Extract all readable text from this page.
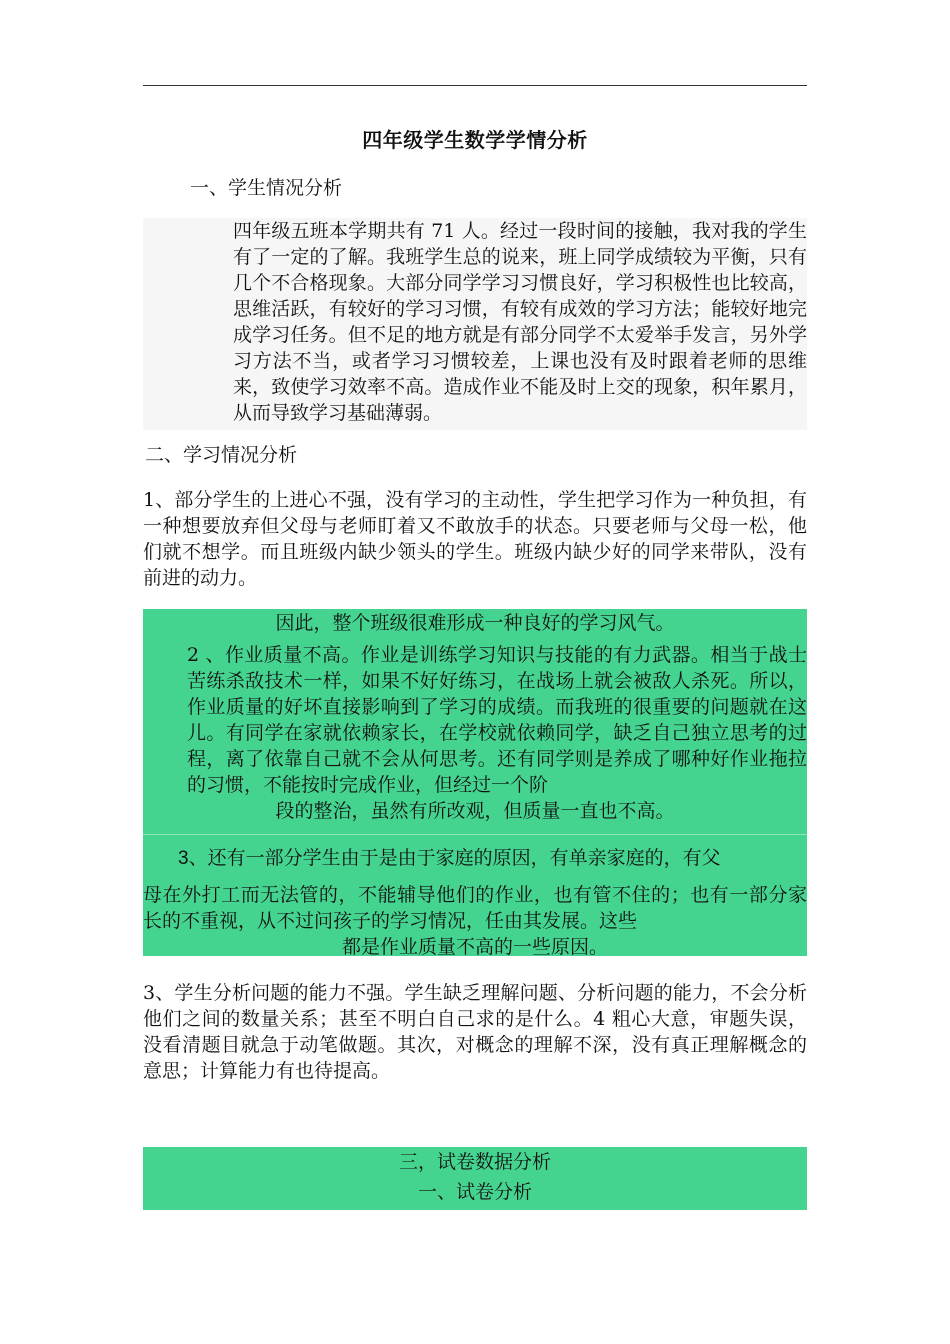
四年级学生数学学情分析
一、学生情况分析
四年级五班本学期共有 71 人。经过一段时间的接触，我对我的学生有了一定的了解。我班学生总的说来，班上同学成绩较为平衡，只有几个不合格现象。大部分同学学习习惯良好，学习积极性也比较高，思维活跃，有较好的学习习惯，有较有成效的学习方法；能较好地完成学习任务。但不足的地方就是有部分同学不太爱举手发言，另外学习方法不当，或者学习习惯较差，上课也没有及时跟着老师的思维来，致使学习效率不高。造成作业不能及时上交的现象，积年累月，从而导致学习基础薄弱。
二、学习情况分析
1、部分学生的上进心不强，没有学习的主动性，学生把学习作为一种负担，有一种想要放弃但父母与老师盯着又不敢放手的状态。只要老师与父母一松，他们就不想学。而且班级内缺少领头的学生。班级内缺少好的同学来带队，没有前进的动力。
因此，整个班级很难形成一种良好的学习风气。
2 、作业质量不高。作业是训练学习知识与技能的有力武器。相当于战士苦练杀敌技术一样，如果不好好练习，在战场上就会被敌人杀死。所以，作业质量的好坏直接影响到了学习的成绩。而我班的很重要的问题就在这儿。有同学在家就依赖家长，在学校就依赖同学，缺乏自己独立思考的过程，离了依靠自己就不会从何思考。还有同学则是养成了哪种好作业拖拉的习惯，不能按时完成作业，但经过一个阶
段的整治，虽然有所改观，但质量一直也不高。
3、还有一部分学生由于是由于家庭的原因，有单亲家庭的，有父
母在外打工而无法管的，不能辅导他们的作业，也有管不住的；也有一部分家长的不重视，从不过问孩子的学习情况，任由其发展。这些
都是作业质量不高的一些原因。
3、学生分析问题的能力不强。学生缺乏理解问题、分析问题的能力，不会分析他们之间的数量关系；甚至不明白自己求的是什么。4 粗心大意，审题失误，没看清题目就急于动笔做题。其次，对概念的理解不深，没有真正理解概念的意思；计算能力有也待提高。
三，试卷数据分析
一、试卷分析
